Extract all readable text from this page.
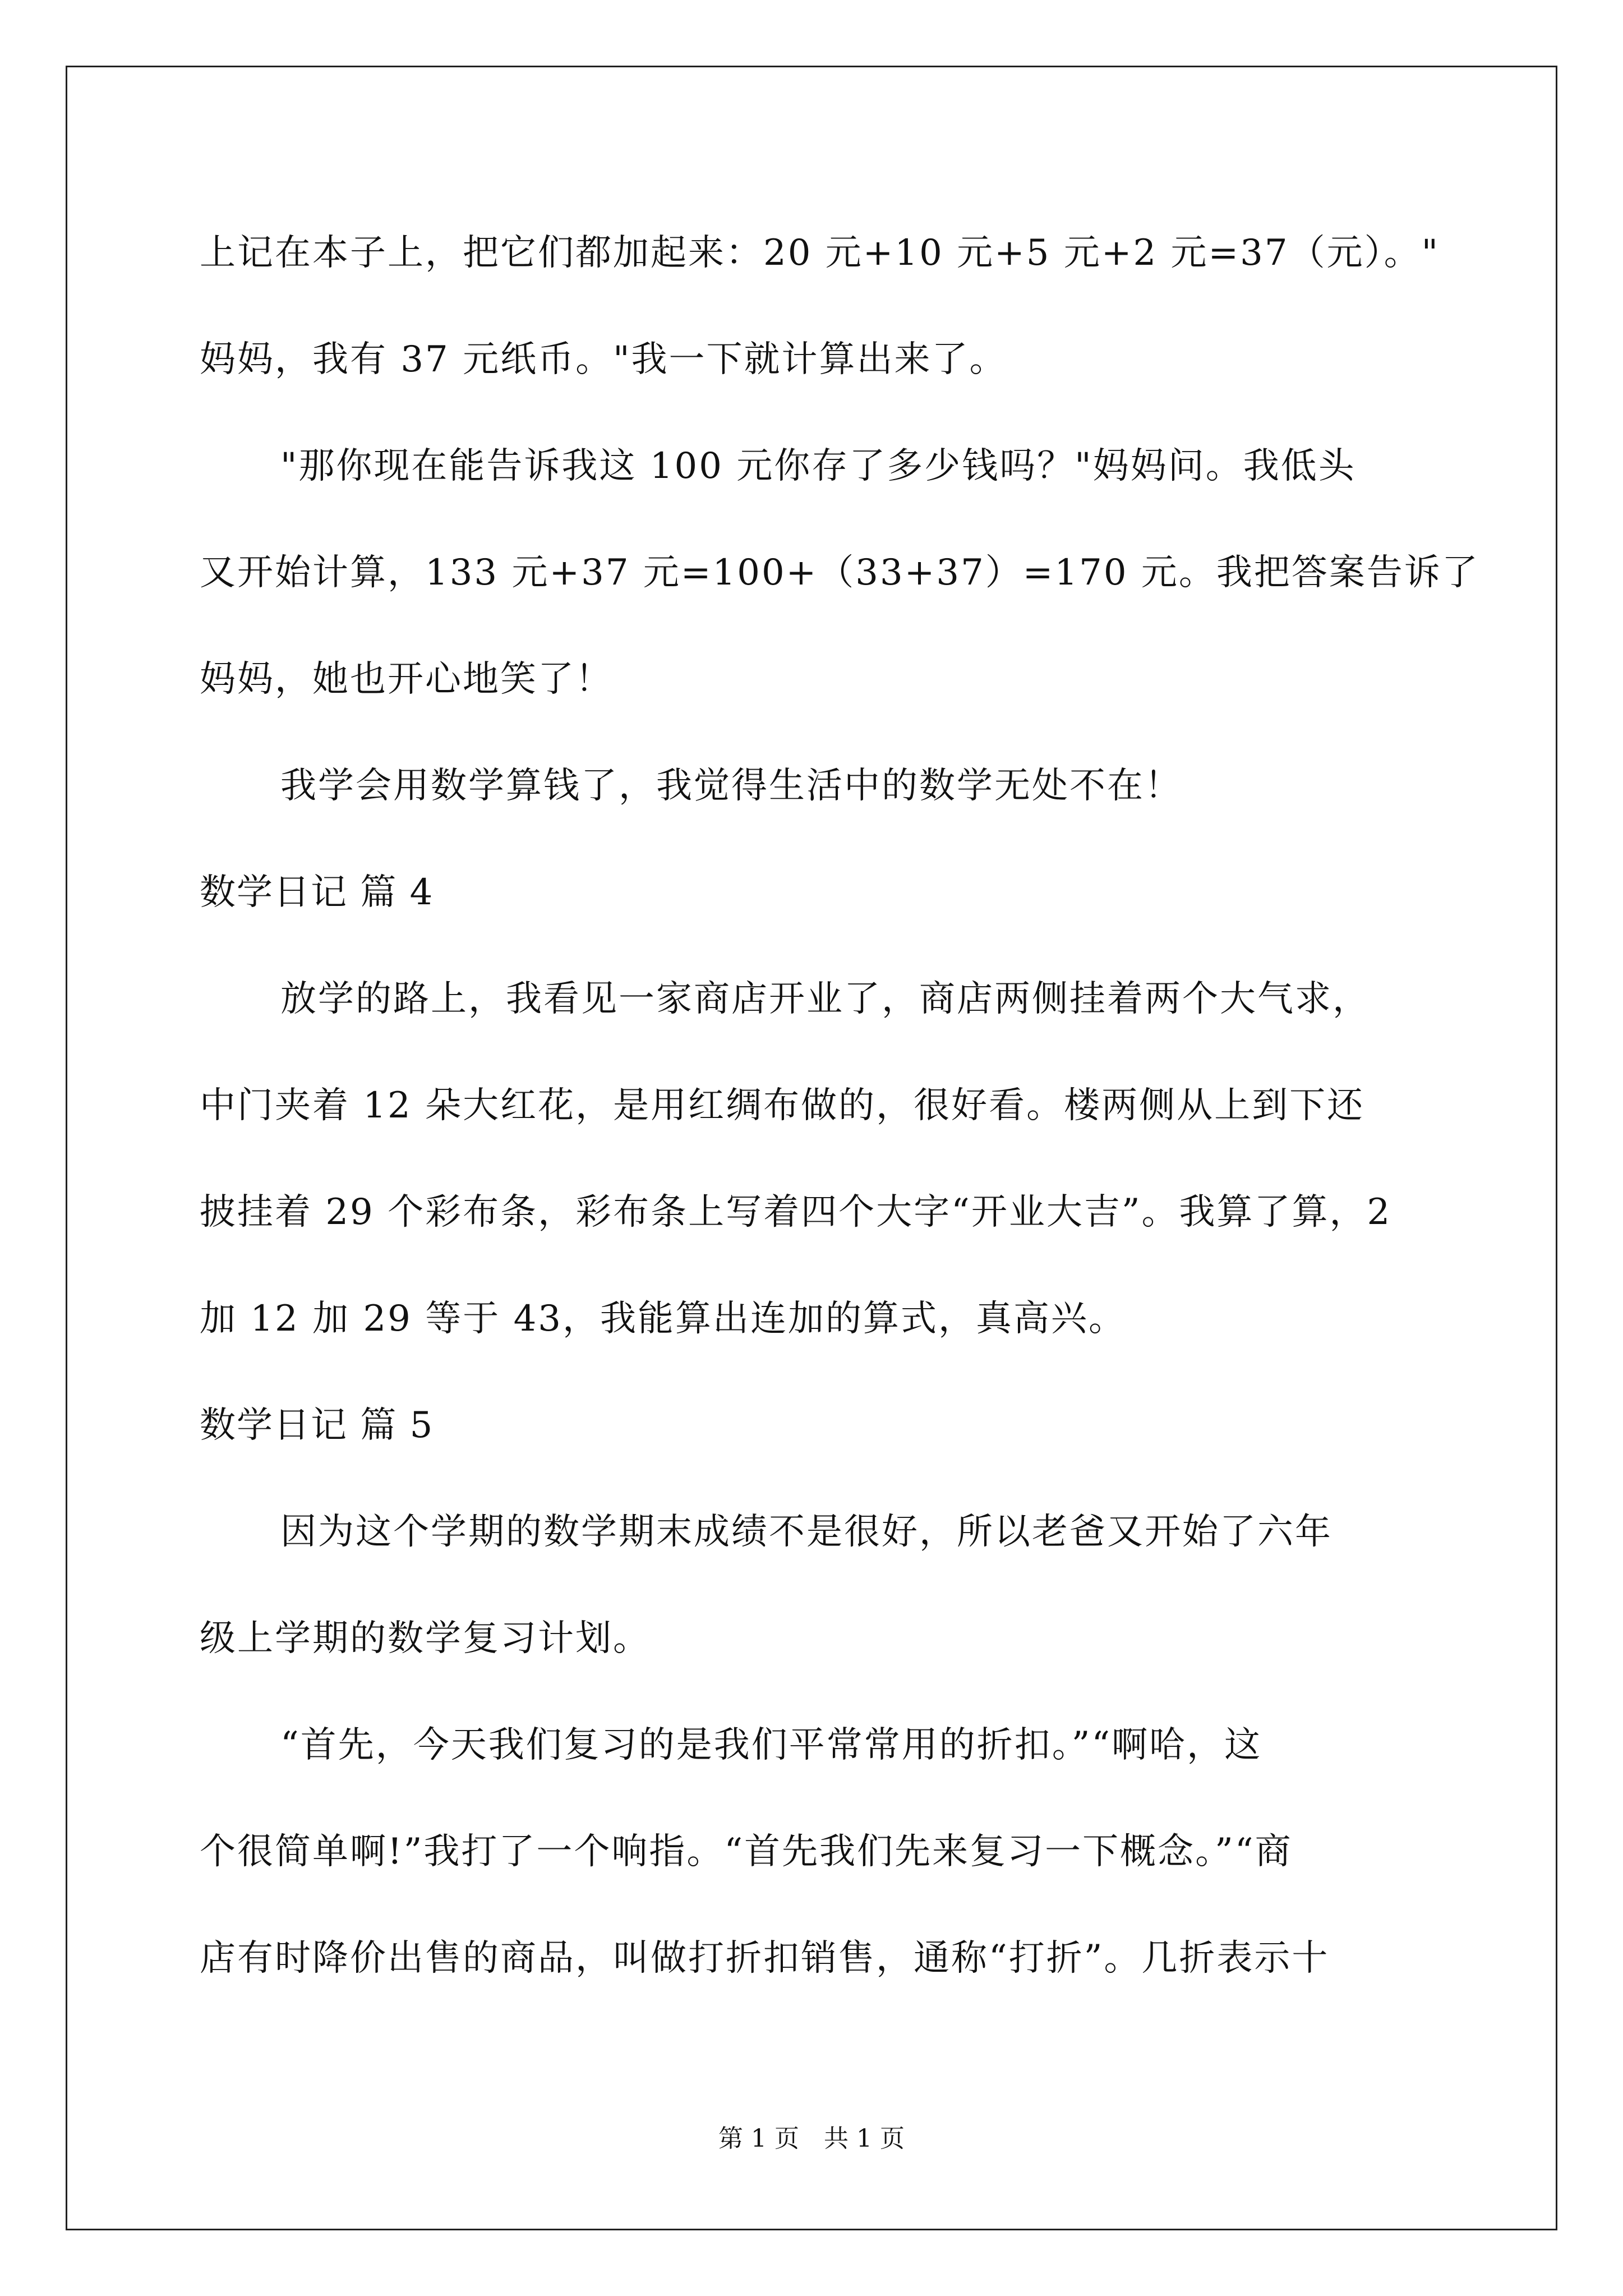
上记在本子上，把它们都加起来：20 元+10 元+5 元+2 元=37（元）。"
妈妈，我有 37 元纸币。"我一下就计算出来了。
"那你现在能告诉我这 100 元你存了多少钱吗？"妈妈问。我低头
又开始计算，133 元+37 元=100+（33+37）=170 元。我把答案告诉了
妈妈，她也开心地笑了！
我学会用数学算钱了，我觉得生活中的数学无处不在！
数学日记 篇 4
放学的路上，我看见一家商店开业了，商店两侧挂着两个大气求，
中门夹着 12 朵大红花，是用红绸布做的，很好看。楼两侧从上到下还
披挂着 29 个彩布条，彩布条上写着四个大字“开业大吉”。我算了算，2
加 12 加 29 等于 43，我能算出连加的算式，真高兴。
数学日记 篇 5
因为这个学期的数学期末成绩不是很好，所以老爸又开始了六年
级上学期的数学复习计划。
“首先，今天我们复习的是我们平常常用的折扣。”“啊哈，这
个很简单啊!”我打了一个响指。“首先我们先来复习一下概念。”“商
店有时降价出售的商品，叫做打折扣销售，通称“打折”。几折表示十
第 1 页　共 1 页
